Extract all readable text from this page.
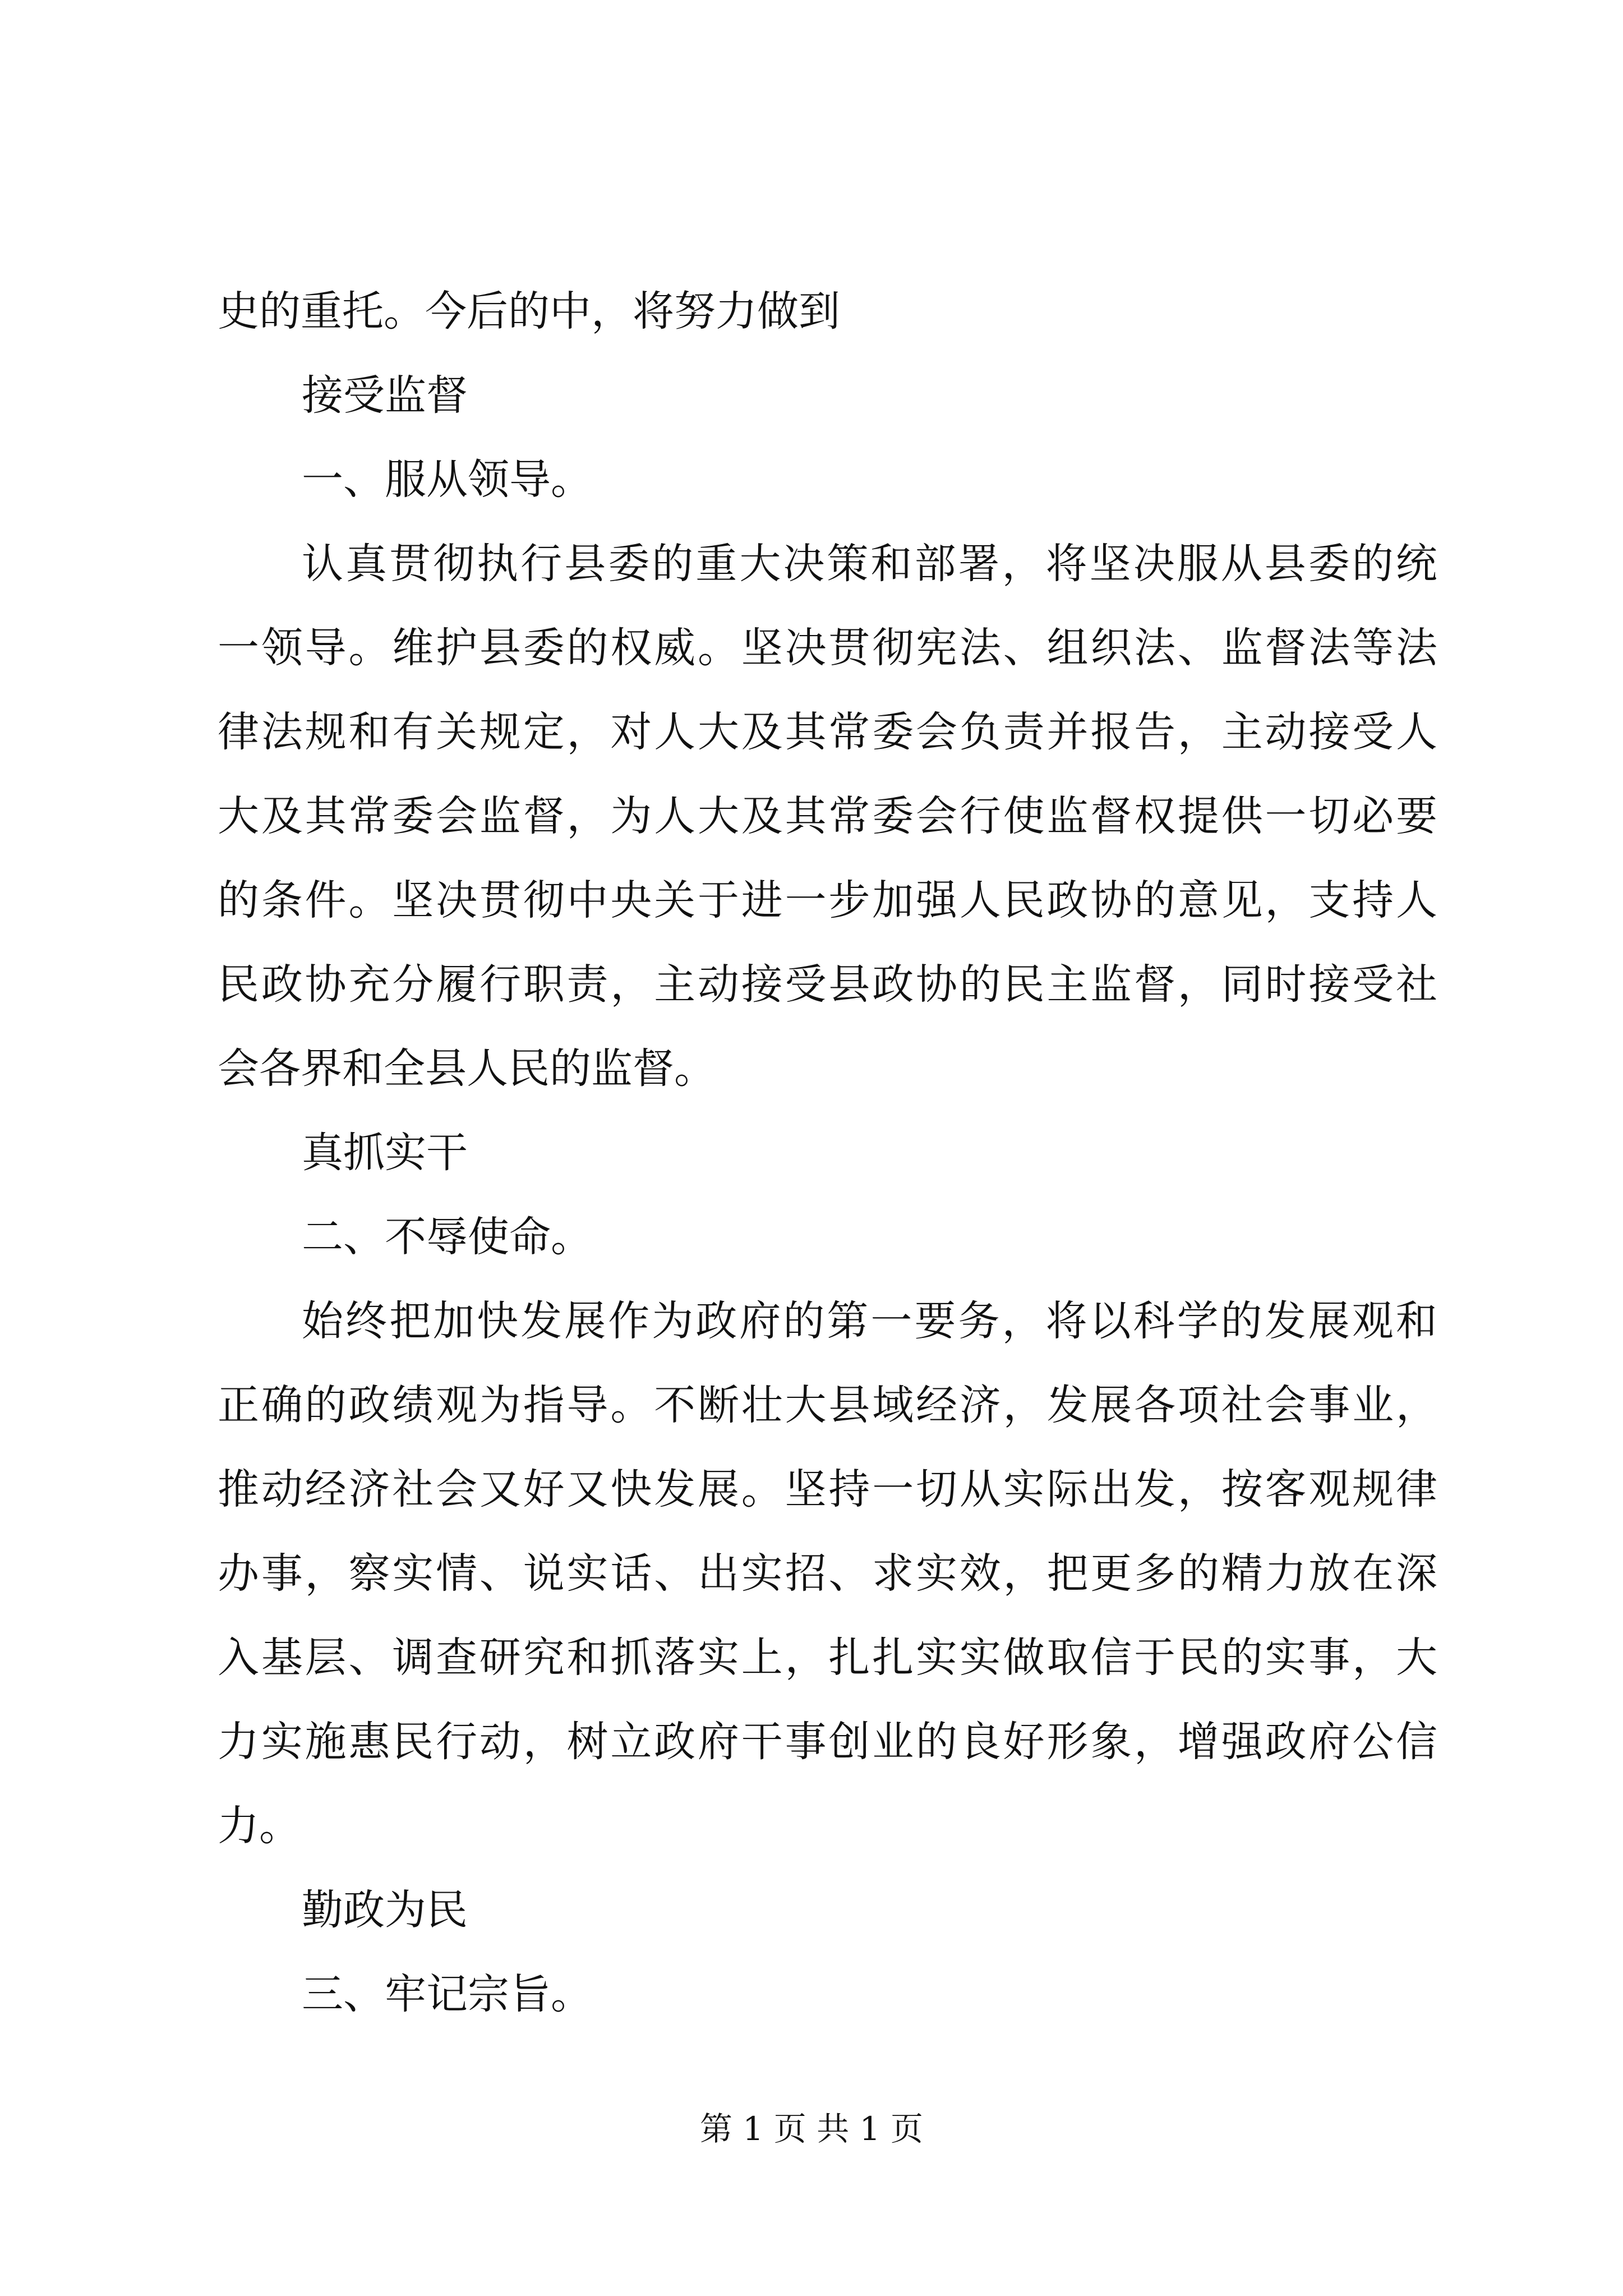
史的重托。今后的中，将努力做到

接受监督

一、服从领导。

认 真 贯 彻 执 行 县 委 的 重 大 决 策 和 部 署 ， 将 坚 决 服 从 县 委 的 统

一 领 导 。 维 护 县 委 的 权 威 。 坚 决 贯 彻 宪 法 、 组 织 法 、 监 督 法 等 法

律 法 规 和 有 关 规 定 ， 对 人 大 及 其 常 委 会 负 责 并 报 告 ， 主 动 接 受 人

大 及 其 常 委 会 监 督 ， 为 人 大 及 其 常 委 会 行 使 监 督 权 提 供 一 切 必 要

的 条 件 。 坚 决 贯 彻 中 央 关 于 进 一 步 加 强 人 民 政 协 的 意 见 ， 支 持 人

民 政 协 充 分 履 行 职 责 ， 主 动 接 受 县 政 协 的 民 主 监 督 ， 同 时 接 受 社

会各界和全县人民的监督。

真抓实干

二、不辱使命。

始 终 把 加 快 发 展 作 为 政 府 的 第 一 要 务 ， 将 以 科 学 的 发 展 观 和

正 确 的 政 绩 观 为 指 导 。 不 断 壮 大 县 域 经 济 ， 发 展 各 项 社 会 事 业 ，

推 动 经 济 社 会 又 好 又 快 发 展 。 坚 持 一 切 从 实 际 出 发 ， 按 客 观 规 律

办 事 ， 察 实 情 、 说 实 话 、 出 实 招 、 求 实 效 ， 把 更 多 的 精 力 放 在 深

入 基 层 、 调 查 研 究 和 抓 落 实 上 ， 扎 扎 实 实 做 取 信 于 民 的 实 事 ， 大

力 实 施 惠 民 行 动 ， 树 立 政 府 干 事 创 业 的 良 好 形 象 ， 增 强 政 府 公 信

力。

勤政为民

三、牢记宗旨。

第 1 页 共 1 页
